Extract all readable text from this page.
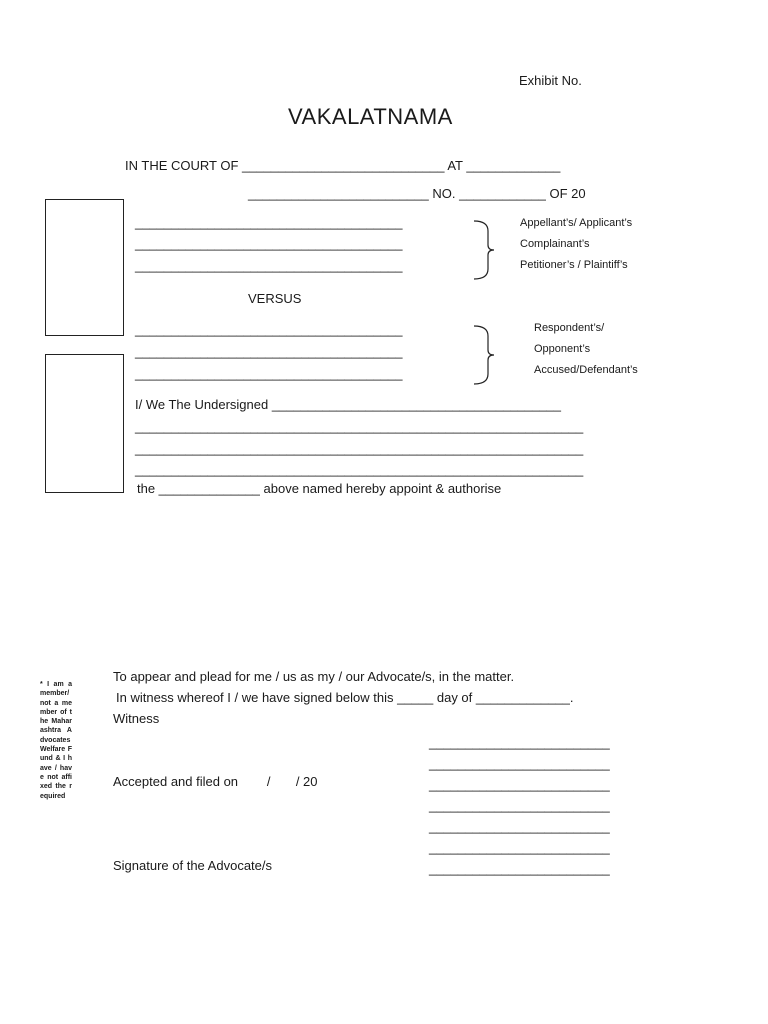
Exhibit No.
VAKALATNAMA
IN THE COURT OF ____________________________ AT _____________
_________________________ NO. ____________ OF 20
_____________________________________
_____________________________________
_____________________________________
Appellant’s/ Applicant’s
Complainant’s
Petitioner’s / Plaintiff’s
VERSUS
_____________________________________
_____________________________________
_____________________________________
Respondent’s/
Opponent’s
Accused/Defendant’s
I/ We The Undersigned ________________________________________
______________________________________________________________
______________________________________________________________
______________________________________________________________
the ______________ above named hereby appoint & authorise
To appear and plead for me / us as my / our Advocate/s, in the matter.
In witness whereof I / we have signed below this _____ day of _____________.
Witness
Accepted and filed on        /       / 20
Signature of the Advocate/s
_________________________
_________________________
_________________________
_________________________
_________________________
_________________________
_________________________
* I am a member/ not a member of the Maharashtra Advocates Welfare Fund & I have / have not affixed the required
